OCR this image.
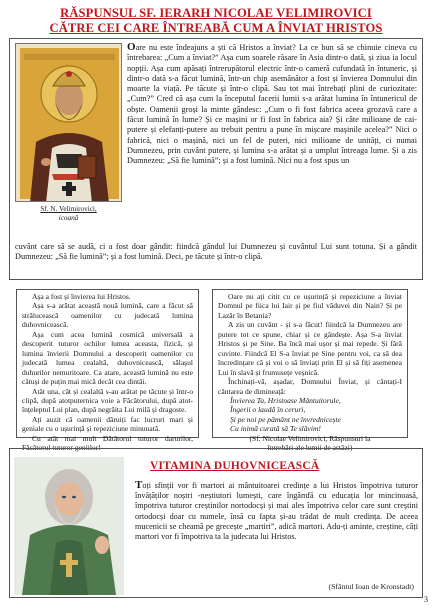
RĂSPUNSUL SF. IERARH NICOLAE VELIMIROVICI
CĂTRE CEI CARE ÎNTREABĂ CUM A ÎNVIAT HRISTOS
Sf. N. Velimirovici,
icoană
Oare nu este îndeajuns a ști că Hristos a înviat? La ce bun să se chinuie cineva cu întrebarea: „Cum a înviat?” Așa cum soarele răsare în Asia dintr-o dată, și ziua ia locul nopții. Așa cum apăsați întrerupătorul electric într-o cameră cufundată în întuneric, și dintr-o dată s-a făcut lumină, într-un chip asemănător a fost și învierea Domnului din moarte la viață. Pe tăcute și într-o clipă. Sau tot mai întrebați plini de curiozitate: „Cum?” Cred că așa cum la începutul facerii lumii s-a arătat lumina în întunericul de obște. Oamenii groși la minte gândesc: „Cum o fi fost fabrica aceea grozavă care a făcut lumină în lume? Și ce mașini or fi fost în fabrica aia? Și câte milioane de cai-putere și elefanți-putere au trebuit pentru a pune în mișcare mașinile acelea?” Nici o fabrică, nici o mașină, nici un fel de puteri, nici milioane de unități, ci numai Dumnezeu, prin cuvânt putere, și lumina s-a arătat și a umplut întreaga lume. Și a zis Dumnezeu: „Să fie lumină”; și a fost lumină. Nici nu a fost spus un
cuvânt care să se audă, ci a fost doar gândit: fiindcă gândul lui Dumnezeu și cuvântul Lui sunt totuna. Și a gândit Dumnezeu: „Să fie lumină”; și a fost lumină. Deci, pe tăcute și într-o clipă.

Așa a fost și învierea lui Hristos.

Așa s-a arătat această nouă lumină, care a făcut să strălucească oamenilor cu judecată lumina duhovnicească.

Așa cum acea lumină cosmică universală a descoperit tuturor ochilor lumea aceasta, fizică, și lumina învierii Domnului a descoperit oamenilor cu judecată lumea cealaltă, duhovnicească, sălașul duhurilor nemuritoare. Ca atare, această lumină nu este câtuși de puțin mai mică decât cea dintâi.

Atât una, cât și cealaltă s-au arătat pe tăcute și într-o clipă, după atotputernica voie a Făcătorului, după atot-înțeleptul Lui plan, după negrăita Lui milă și dragoste.

Ați auzit că oamenii dăruiți fac lucruri mari și geniale cu o ușurință și repeziciune minunată.

Cu atât mai mult Dătătorul tuturor darurilor, Făcătorul tuturor geniilor!

Oare nu ați citit cu ce ușurință și repeziciune a înviat Domnul pe fiica lui Iair și pe fiul văduvei din Nain? Și pe Lazăr în Betania?

A zis un cuvânt - și s-a făcut! fiindcă la Dumnezeu are putere tot ce spune, chiar și ce gândește. Așa S-a înviat Hristos și pe Sine. Ba încă mai ușor și mai repede. Și fără cuvinte. Fiindcă El S-a înviat pe Sine pentru voi, ca să dea încredințare că și voi o să înviați prin El și să fiți asemenea Lui în slavă și frumusețe veșnică.

Închinați-vă, așadar, Domnului Înviat, și cântați-I cântarea de dimineață:

Învierea Ta, Hristoase Mântuitorule,

Îngerii o laudă în ceruri,

Și pe noi pe pământ ne învrednicește

Cu inimă curată să Te slăvim!

(Sf. Nicolae Velimirovici, Răspunsuri la

întrebări ale lumii de astăzi)

VITAMINA DUHOVNICEASCĂ
Toți sfinții vor fi martori ai mântuitoarei credințe a lui Hristos împotriva tuturor învățăților noștri -neștiutori lumești, care îngâmfă cu educația lor mincinoasă, împotriva tuturor creștinilor nortodocși și mai ales împotriva celor care sunt creștini ortodocși doar cu numele, însă cu fapta și-au trădat de mult credința. De aceea mucenicii se cheamă pe grecește „martiri”, adică martori. Adu-ți aminte, creștine, câți martori vor fi împotriva ta la judecata lui Hristos.
(Sfântul Ioan de Kronstadt)
3
